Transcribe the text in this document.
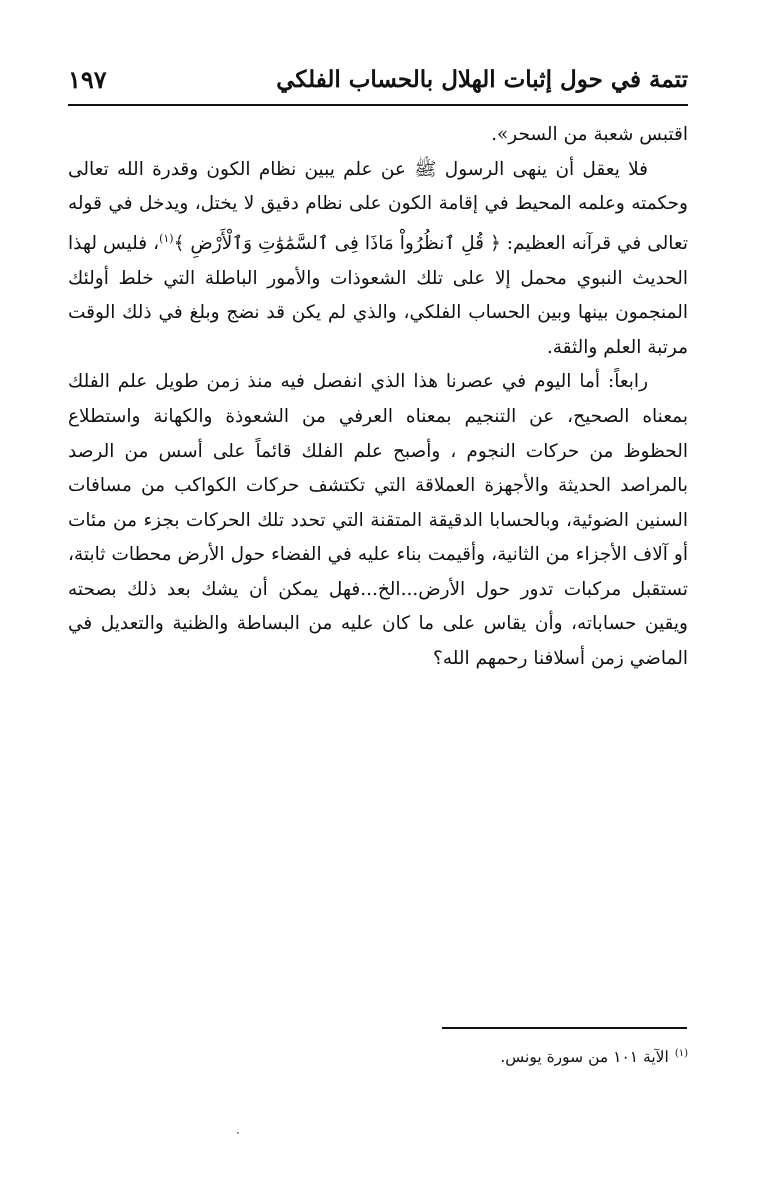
تتمة في حول إثبات الهلال بالحساب الفلكي
١٩٧

اقتبس شعبة من السحر».

فلا يعقل أن ينهى الرسول ﷺ عن علم يبين نظام الكون وقدرة الله تعالى وحكمته وعلمه المحيط في إقامة الكون على نظام دقيق لا يختل، ويدخل في قوله تعالى في قرآنه العظيم: ﴿ قُلِ ٱنظُرُواْ مَاذَا فِى ٱلسَّمَٰوَٰتِ وَٱلْأَرْضِ ﴾$^{(١)}$، فليس لهذا الحديث النبوي محمل إلا على تلك الشعوذات والأمور الباطلة التي خلط أولئك المنجمون بينها وبين الحساب الفلكي، والذي لم يكن قد نضج وبلغ في ذلك الوقت مرتبة العلم والثقة.

رابعاً: أما اليوم في عصرنا هذا الذي انفصل فيه منذ زمن طويل علم الفلك بمعناه الصحيح، عن التنجيم بمعناه العرفي من الشعوذة والكهانة واستطلاع الحظوظ من حركات النجوم ، وأصبح علم الفلك قائماً على أسس من الرصد بالمراصد الحديثة والأجهزة العملاقة التي تكتشف حركات الكواكب من مسافات السنين الضوئية، وبالحسابا الدقيقة المتقنة التي تحدد تلك الحركات بجزء من مئات أو آلاف الأجزاء من الثانية، وأقيمت بناء عليه في الفضاء حول الأرض محطات ثابتة، تستقبل مركبات تدور حول الأرض...الخ...فهل يمكن أن يشك بعد ذلك بصحته ويقين حساباته، وأن يقاس على ما كان عليه من البساطة والظنية والتعديل في الماضي زمن أسلافنا رحمهم الله؟

$^{(١)}$الآية ١٠١ من سورة يونس.
